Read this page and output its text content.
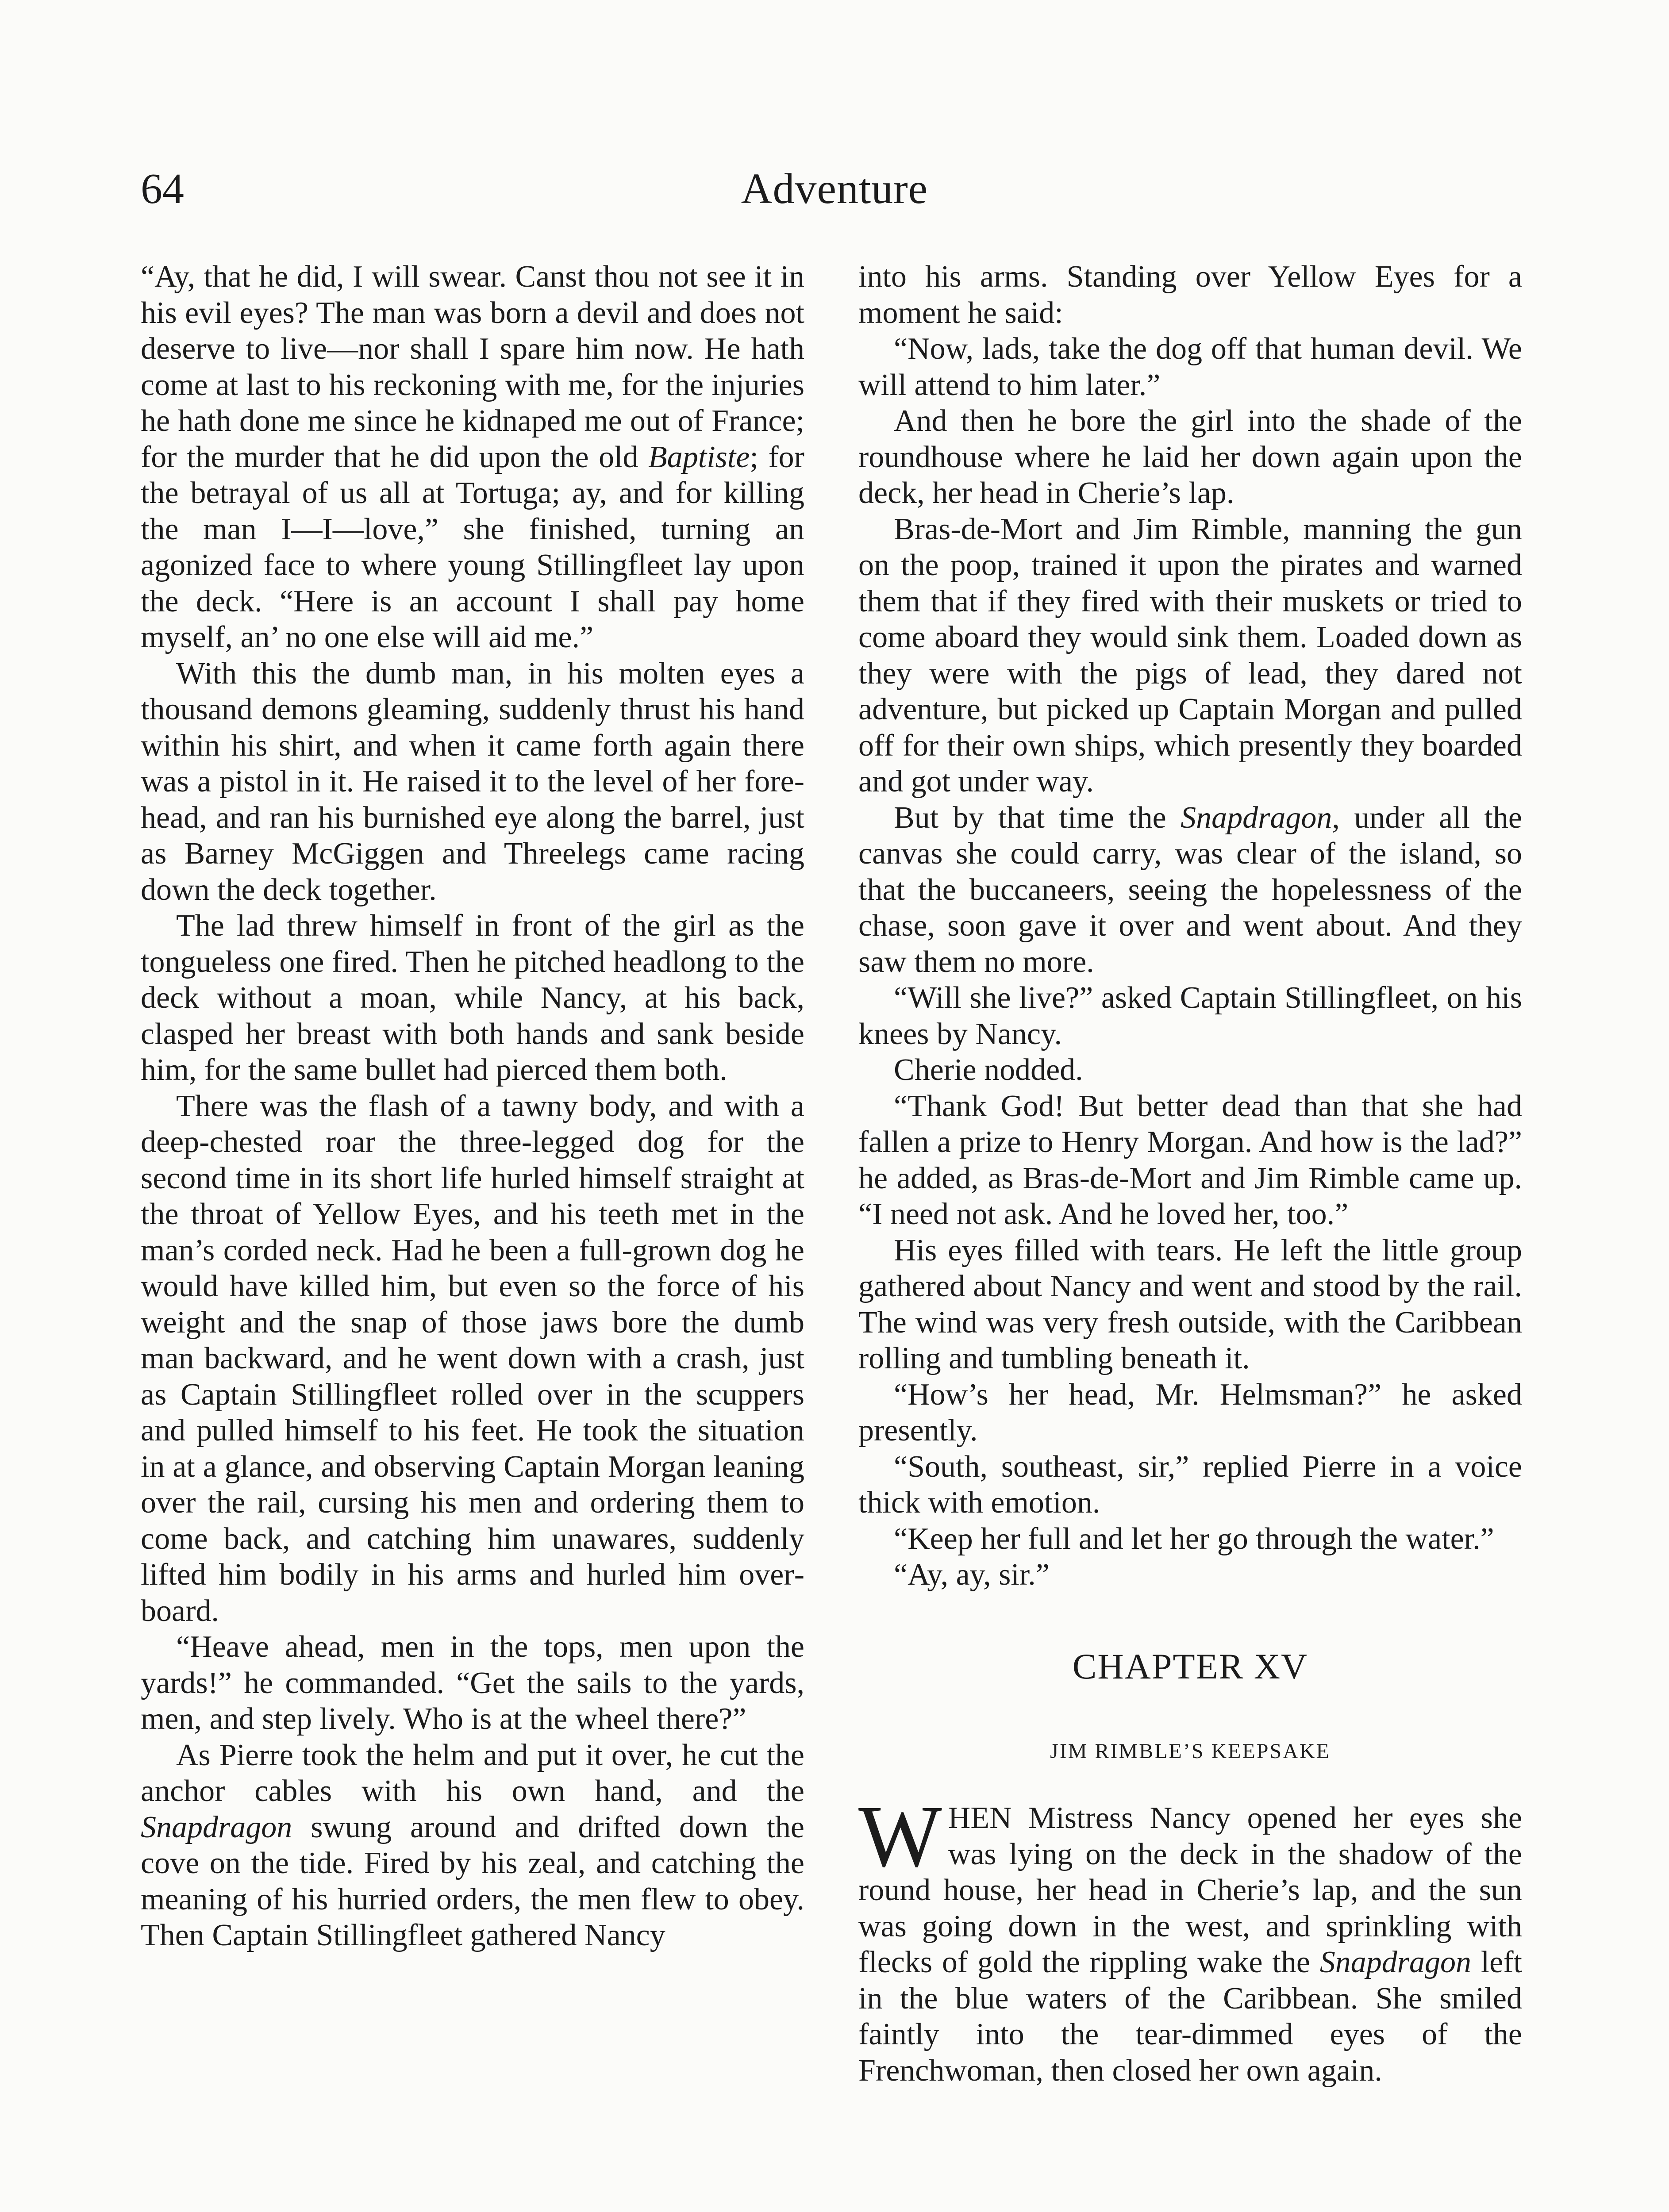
64	Adventure

“Ay, that he did, I will swear. Canst thou not see it in his evil eyes? The man was born a devil and does not deserve to live—nor shall I spare him now. He hath come at last to his reckoning with me, for the injuries he hath done me since he kidnaped me out of France; for the murder that he did upon the old Baptiste; for the betrayal of us all at Tortuga; ay, and for killing the man I—I—love,” she finished, turning an agonized face to where young Stillingfleet lay upon the deck. “Here is an account I shall pay home myself, an’ no one else will aid me.”

With this the dumb man, in his molten eyes a thousand demons gleaming, suddenly thrust his hand within his shirt, and when it came forth again there was a pistol in it. He raised it to the level of her forehead, and ran his burnished eye along the barrel, just as Barney McGiggen and Threelegs came racing down the deck together.

The lad threw himself in front of the girl as the tongueless one fired. Then he pitched headlong to the deck without a moan, while Nancy, at his back, clasped her breast with both hands and sank beside him, for the same bullet had pierced them both.

There was the flash of a tawny body, and with a deep-chested roar the three-legged dog for the second time in its short life hurled himself straight at the throat of Yellow Eyes, and his teeth met in the man’s corded neck. Had he been a full-grown dog he would have killed him, but even so the force of his weight and the snap of those jaws bore the dumb man backward, and he went down with a crash, just as Captain Stillingfleet rolled over in the scuppers and pulled himself to his feet. He took the situation in at a glance, and observing Captain Morgan leaning over the rail, cursing his men and ordering them to come back, and catching him unawares, suddenly lifted him bodily in his arms and hurled him overboard.

“Heave ahead, men in the tops, men upon the yards!” he commanded. “Get the sails to the yards, men, and step lively. Who is at the wheel there?”

As Pierre took the helm and put it over, he cut the anchor cables with his own hand, and the Snapdragon swung around and drifted down the cove on the tide. Fired by his zeal, and catching the meaning of his hurried orders, the men flew to obey. Then Captain Stillingfleet gathered Nancy

into his arms. Standing over Yellow Eyes for a moment he said:

“Now, lads, take the dog off that human devil. We will attend to him later.”

And then he bore the girl into the shade of the roundhouse where he laid her down again upon the deck, her head in Cherie’s lap.

Bras-de-Mort and Jim Rimble, manning the gun on the poop, trained it upon the pirates and warned them that if they fired with their muskets or tried to come aboard they would sink them. Loaded down as they were with the pigs of lead, they dared not adventure, but picked up Captain Morgan and pulled off for their own ships, which presently they boarded and got under way.

But by that time the Snapdragon, under all the canvas she could carry, was clear of the island, so that the buccaneers, seeing the hopelessness of the chase, soon gave it over and went about. And they saw them no more.

“Will she live?” asked Captain Stillingfleet, on his knees by Nancy.

Cherie nodded.

“Thank God! But better dead than that she had fallen a prize to Henry Morgan. And how is the lad?” he added, as Bras-de-Mort and Jim Rimble came up. “I need not ask. And he loved her, too.”

His eyes filled with tears. He left the little group gathered about Nancy and went and stood by the rail. The wind was very fresh outside, with the Caribbean rolling and tumbling beneath it.

“How’s her head, Mr. Helmsman?” he asked presently.

“South, southeast, sir,” replied Pierre in a voice thick with emotion.

“Keep her full and let her go through the water.”

“Ay, ay, sir.”

CHAPTER XV
JIM RIMBLE’S KEEPSAKE

WHEN Mistress Nancy opened her eyes she was lying on the deck in the shadow of the round house, her head in Cherie’s lap, and the sun was going down in the west, and sprinkling with flecks of gold the rippling wake the Snapdragon left in the blue waters of the Caribbean. She smiled faintly into the tear-dimmed eyes of the Frenchwoman, then closed her own again.
